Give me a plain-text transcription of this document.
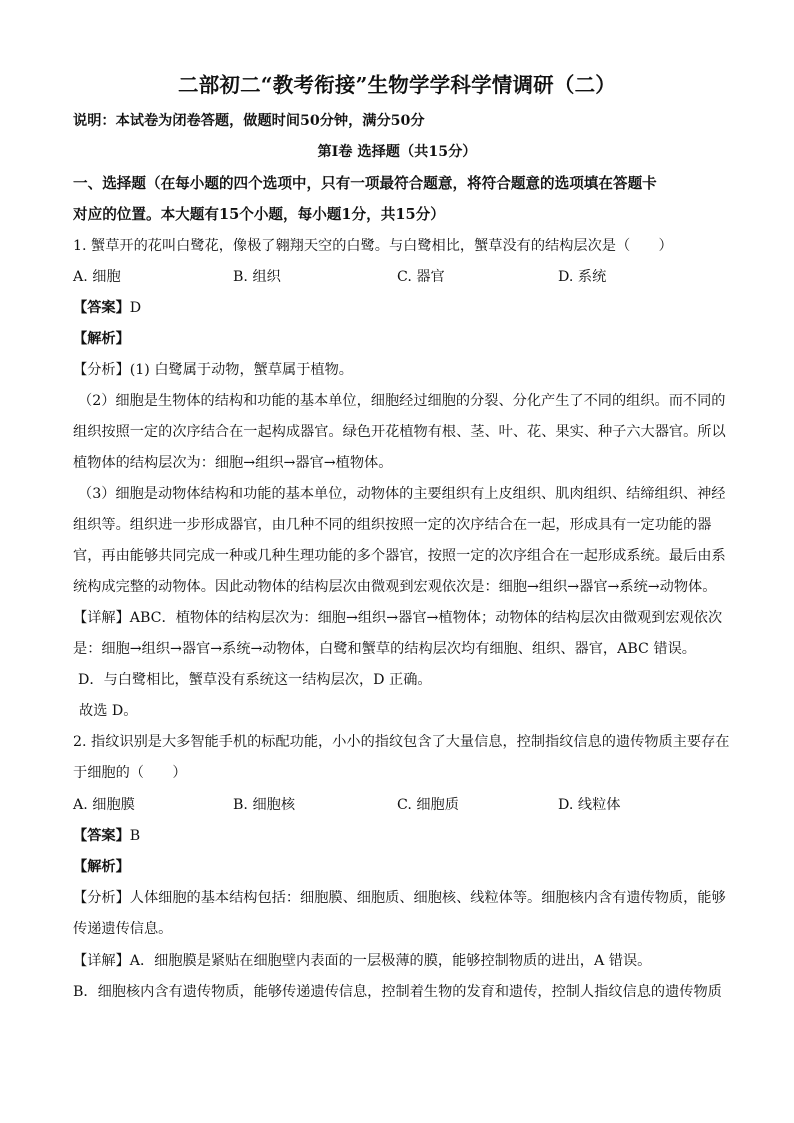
二部初二“教考衔接”生物学学科学情调研（二）
说明：本试卷为闭卷答题，做题时间50分钟，满分50分
第Ⅰ卷 选择题（共15分）
一、选择题（在每小题的四个选项中，只有一项最符合题意，将符合题意的选项填在答题卡
对应的位置。本大题有15个小题，每小题1分，共15分）
1. 蟹草开的花叫白鹭花，像极了翱翔天空的白鹭。与白鹭相比，蟹草没有的结构层次是（　　）
A. 细胞	B. 组织	C. 器官	D. 系统
【答案】D
【解析】
【分析】(1) 白鹭属于动物，蟹草属于植物。
（2）细胞是生物体的结构和功能的基本单位，细胞经过细胞的分裂、分化产生了不同的组织。而不同的
组织按照一定的次序结合在一起构成器官。绿色开花植物有根、茎、叶、花、果实、种子六大器官。所以
植物体的结构层次为：细胞→组织→器官→植物体。
（3）细胞是动物体结构和功能的基本单位，动物体的主要组织有上皮组织、肌肉组织、结缔组织、神经
组织等。组织进一步形成器官，由几种不同的组织按照一定的次序结合在一起，形成具有一定功能的器
官，再由能够共同完成一种或几种生理功能的多个器官，按照一定的次序组合在一起形成系统。最后由系
统构成完整的动物体。因此动物体的结构层次由微观到宏观依次是：细胞→组织→器官→系统→动物体。
【详解】ABC．植物体的结构层次为：细胞→组织→器官→植物体；动物体的结构层次由微观到宏观依次
是：细胞→组织→器官→系统→动物体，白鹭和蟹草的结构层次均有细胞、组织、器官，ABC 错误。
D．与白鹭相比，蟹草没有系统这一结构层次，D 正确。
故选 D。
2. 指纹识别是大多智能手机的标配功能，小小的指纹包含了大量信息，控制指纹信息的遗传物质主要存在
于细胞的（　　）
A. 细胞膜	B. 细胞核	C. 细胞质	D. 线粒体
【答案】B
【解析】
【分析】人体细胞的基本结构包括：细胞膜、细胞质、细胞核、线粒体等。细胞核内含有遗传物质，能够
传递遗传信息。
【详解】A．细胞膜是紧贴在细胞壁内表面的一层极薄的膜，能够控制物质的进出，A 错误。
B．细胞核内含有遗传物质，能够传递遗传信息，控制着生物的发育和遗传，控制人指纹信息的遗传物质
